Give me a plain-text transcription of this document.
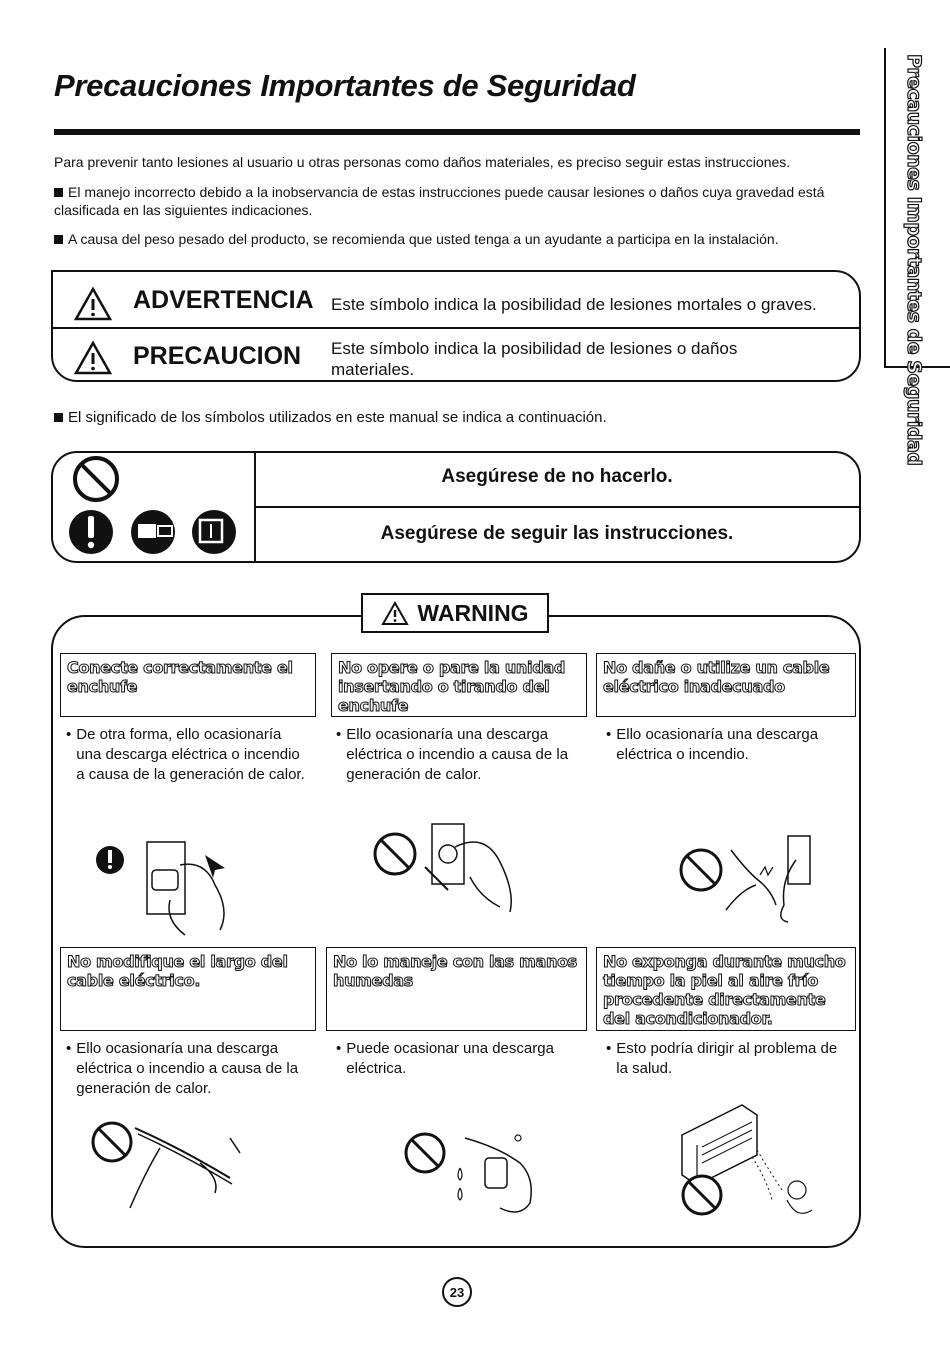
Precauciones Importantes de Seguridad	Precauciones Importantes de Seguridad
Para prevenir tanto lesiones al usuario u otras personas como daños materiales, es preciso seguir estas instrucciones.
El manejo incorrecto debido a la inobservancia de estas instrucciones puede causar lesiones o daños cuya gravedad está clasificada en las siguientes indicaciones.
A causa del peso pesado del producto, se recomienda que usted tenga a un ayudante a participa en la instalación.
ADVERTENCIA Este símbolo indica la posibilidad de lesiones mortales o graves.
PRECAUCION Este símbolo indica la posibilidad de lesiones o daños materiales.
El significado de los símbolos utilizados en este manual se indica a continuación.
Asegúrese de no hacerlo.
Asegúrese de seguir las instrucciones.
WARNING
Conecte correctamente el enchufe
No opere o pare la unidad insertando o tirando del enchufe
No dañe o utilize un cable eléctrico inadecuado
• De otra forma, ello ocasionaría una descarga eléctrica o incendio a causa de la generación de calor.
• Ello ocasionaría una descarga eléctrica o incendio a causa de la generación de calor.
• Ello ocasionaría una descarga eléctrica o incendio.
No modifique el largo del cable eléctrico.
No lo maneje con las manos humedas
No exponga durante mucho tiempo la piel al aire frío procedente directamente del acondicionador.
• Ello ocasionaría una descarga eléctrica o incendio a causa de la generación de calor.
• Puede ocasionar una descarga eléctrica.
• Esto podría dirigir al problema de la salud.
23
